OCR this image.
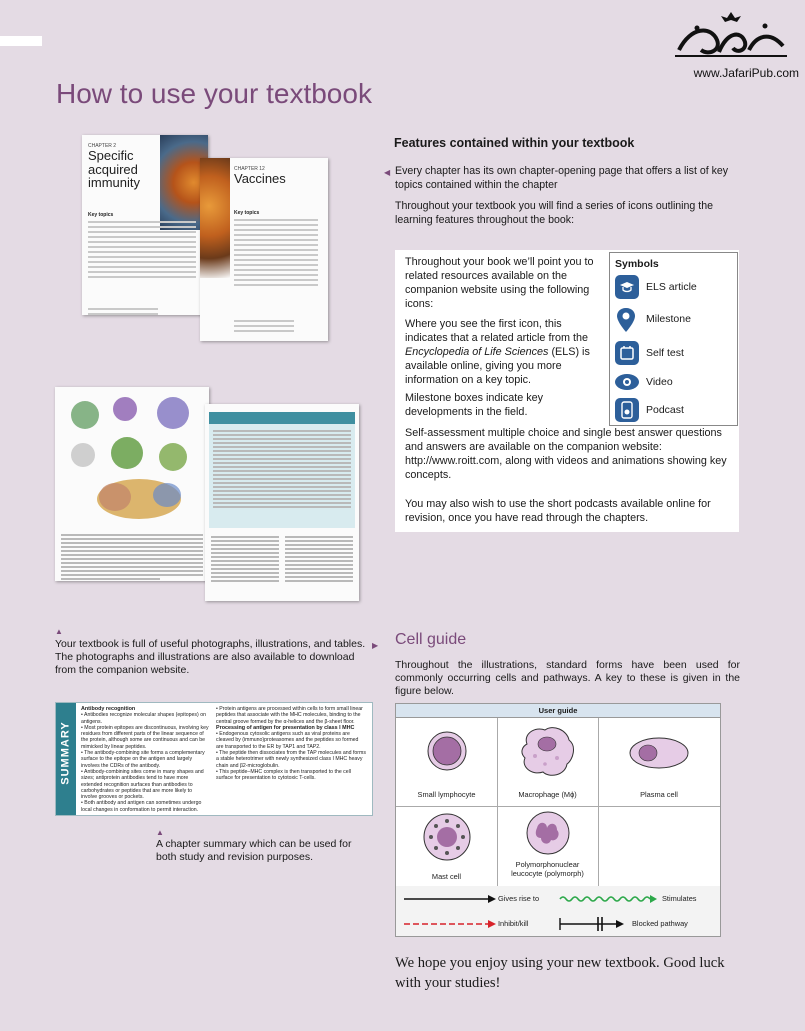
www.JafariPub.com
How to use your textbook
CHAPTER 2
Specific acquired immunity
Key topics
CHAPTER 12
Vaccines
Key topics
Features contained within your textbook
◀ Every chapter has its own chapter-opening page that offers a list of key topics contained within the chapter
Throughout your textbook you will find a series of icons outlining the learning features throughout the book:
Throughout your book we’ll point you to related resources available on the companion website using the following icons:
Where you see the first icon, this indicates that a related article from the Encyclopedia of Life Sciences (ELS) is available online, giving you more information on a key topic.
Milestone boxes indicate key developments in the field.
Self-assessment multiple choice and single best answer questions and answers are available on the companion website: http://www.roitt.com, along with videos and animations showing key concepts.
You may also wish to use the short podcasts available online for revision, once you have read through the chapters.
Symbols
ELS article
Milestone
Self test
Video
Podcast
▲
Your textbook is full of useful photographs, illustrations, and tables. The photographs and illustrations are also available to download from the companion website.
▶ Cell guide
Throughout the illustrations, standard forms have been used for commonly occurring cells and pathways. A key to these is given in the figure below.
SUMMARY
Antibody recognition
• Antibodies recognize molecular shapes (epitopes) on antigens.
• Most protein epitopes are discontinuous, involving key residues from different parts of the linear sequence of the protein, although some are continuous and can be mimicked by linear peptides.
• The antibody-combining site forms a complementary surface to the epitope on the antigen and largely involves the CDRs of the antibody.
• Antibody-combining sites come in many shapes and sizes; antiprotein antibodies tend to have more extended recognition surfaces than antibodies to carbohydrates or peptides that are more likely to involve grooves or pockets.
• Both antibody and antigen can sometimes undergo local changes in conformation to permit interaction.
• Protein antigens are processed within cells to form small linear peptides that associate with the MHC molecules, binding to the central groove formed by the α-helices and the β-sheet floor.
Processing of antigen for presentation by class I MHC
• Endogenous cytosolic antigens such as viral proteins are cleaved by (immuno)proteasomes and the peptides so formed are transported to the ER by TAP1 and TAP2.
• The peptide then dissociates from the TAP molecules and forms a stable heterotrimer with newly synthesized class I MHC heavy chain and β2-microglobulin.
• This peptide–MHC complex is then transported to the cell surface for presentation to cytotoxic T-cells.
▲
A chapter summary which can be used for both study and revision purposes.
User guide
Small lymphocyte	Macrophage (Mϕ)	Plasma cell
Mast cell
Polymorphonuclear leucocyte (polymorph)
Gives rise to	Stimulates
Inhibit/kill	Blocked pathway
We hope you enjoy using your new textbook. Good luck with your studies!
